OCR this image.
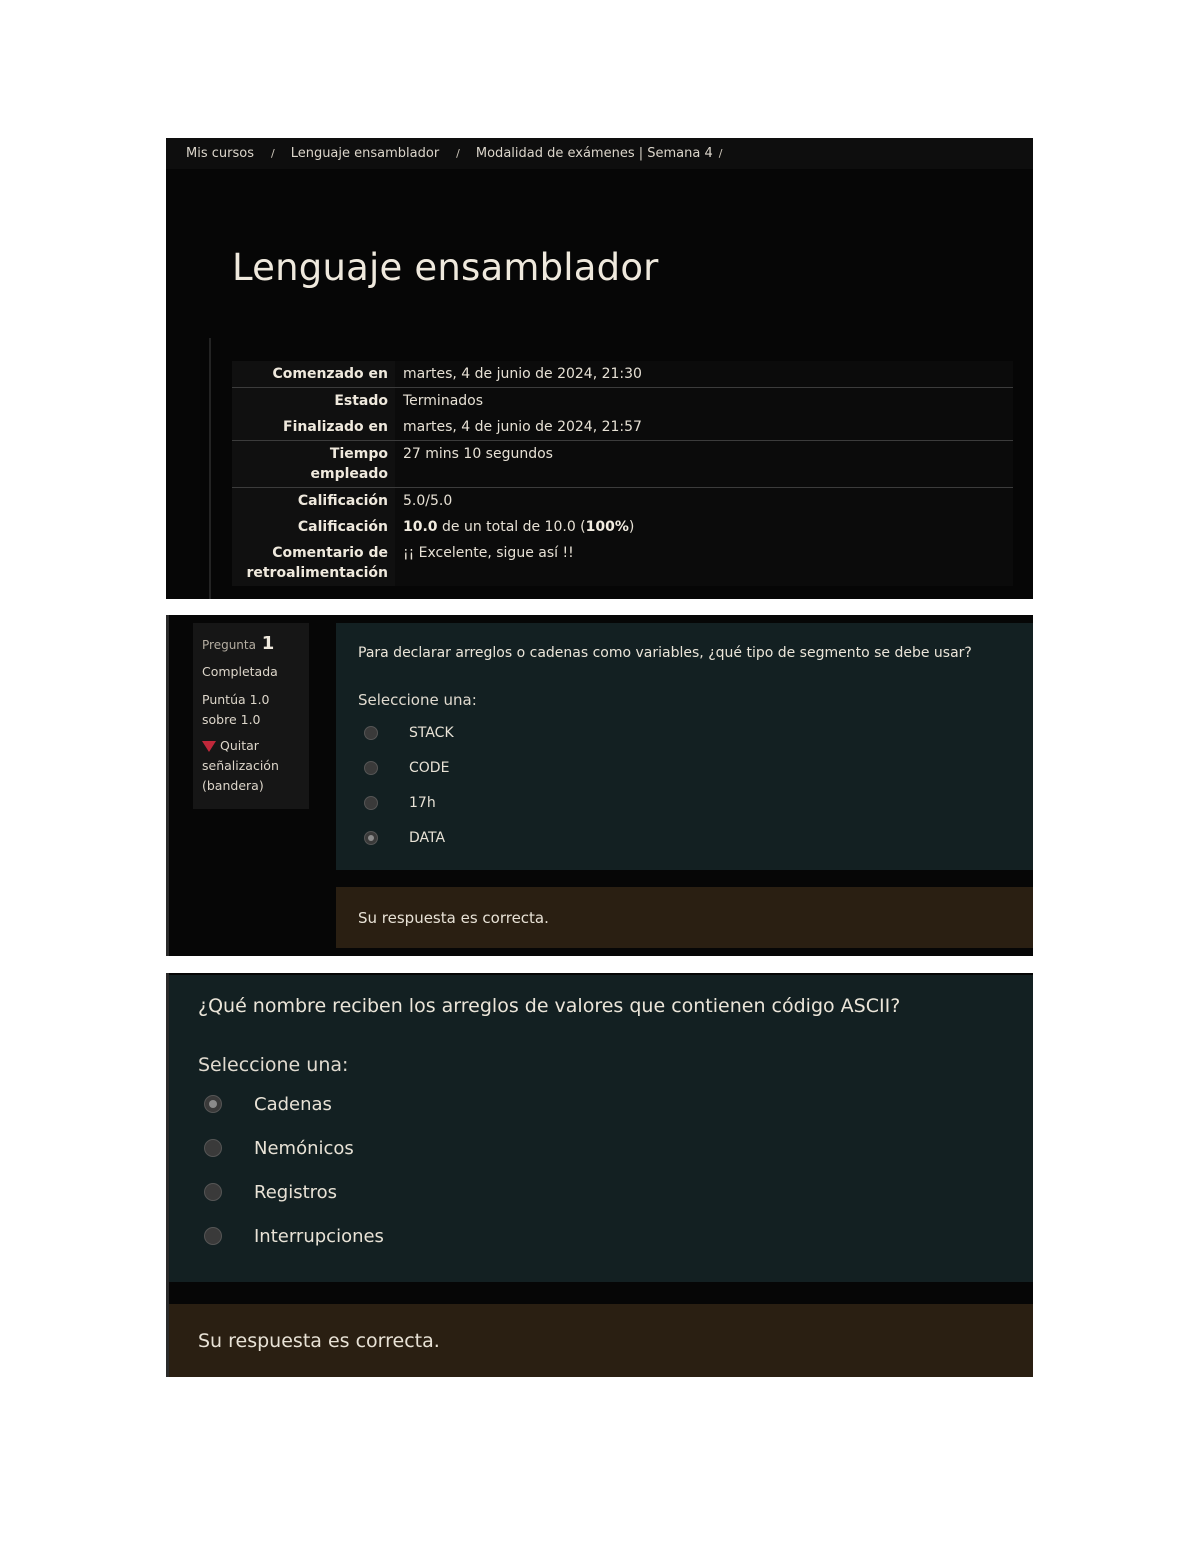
Mis cursos / Lenguaje ensamblador / Modalidad de exámenes | Semana 4 /
Lenguaje ensamblador
Comenzado en	martes, 4 de junio de 2024, 21:30
Estado	Terminados
Finalizado en	martes, 4 de junio de 2024, 21:57
Tiempo
empleado	27 mins 10 segundos
Calificación	5.0/5.0
Calificación	10.0 de un total de 10.0 (100%)
Comentario de
retroalimentación	¡¡ Excelente, sigue así !!
Pregunta 1

Completada

Puntúa 1.0
sobre 1.0

Quitar
señalización
(bandera)

Para declarar arreglos o cadenas como variables, ¿qué tipo de segmento se debe usar?

Seleccione una:

STACK
CODE
17h
DATA
Su respuesta es correcta.

¿Qué nombre reciben los arreglos de valores que contienen código ASCII?

Seleccione una:

Cadenas
Nemónicos
Registros
Interrupciones
Su respuesta es correcta.
